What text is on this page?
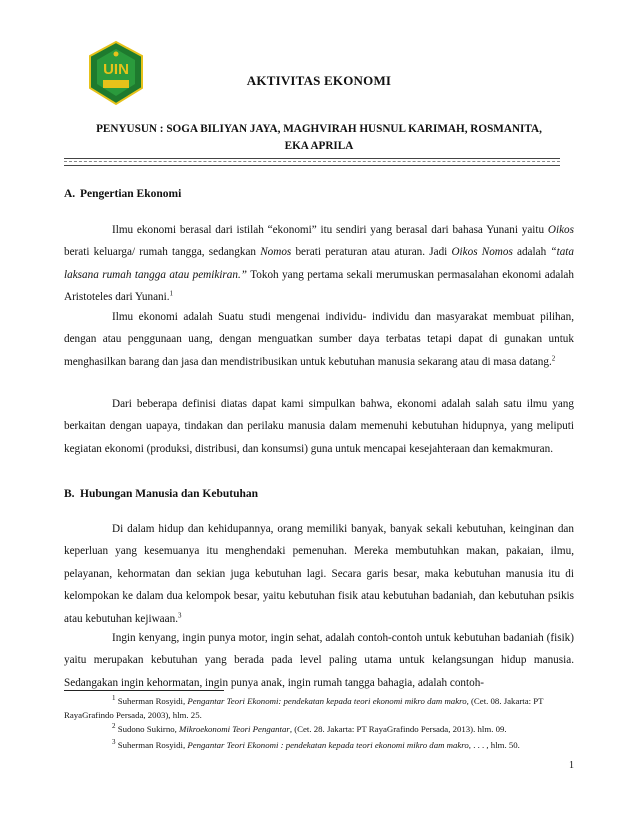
UIN
AKTIVITAS EKONOMI
PENYUSUN : SOGA BILIYAN JAYA, MAGHVIRAH HUSNUL KARIMAH, ROSMANITA,
EKA APRILA
A. Pengertian Ekonomi

Ilmu ekonomi berasal dari istilah “ekonomi” itu sendiri yang berasal dari bahasa Yunani yaitu Oikos berati keluarga/ rumah tangga, sedangkan Nomos berati peraturan atau aturan. Jadi Oikos Nomos adalah “tata laksana rumah tangga atau pemikiran.” Tokoh yang pertama sekali merumuskan permasalahan ekonomi adalah Aristoteles dari Yunani.$^1$

Ilmu ekonomi adalah Suatu studi mengenai individu- individu dan masyarakat membuat pilihan, dengan atau penggunaan uang, dengan menguatkan sumber daya terbatas tetapi dapat di gunakan untuk menghasilkan barang dan jasa dan mendistribusikan untuk kebutuhan manusia sekarang atau di masa datang.$^2$

Dari beberapa definisi diatas dapat kami simpulkan bahwa, ekonomi adalah salah satu ilmu yang berkaitan dengan uapaya, tindakan dan perilaku manusia dalam memenuhi kebutuhan hidupnya, yang meliputi kegiatan ekonomi (produksi, distribusi, dan konsumsi) guna untuk mencapai kesejahteraan dan kemakmuran.

B. Hubungan Manusia dan Kebutuhan

Di dalam hidup dan kehidupannya, orang memiliki banyak, banyak sekali kebutuhan, keinginan dan keperluan yang kesemuanya itu menghendaki pemenuhan. Mereka membutuhkan makan, pakaian, ilmu, pelayanan, kehormatan dan sekian juga kebutuhan lagi. Secara garis besar, maka kebutuhan manusia itu di kelompokan ke dalam dua kelompok besar, yaitu kebutuhan fisik atau kebutuhan badaniah, dan kebutuhan psikis atau kebutuhan kejiwaan.$^3$

Ingin kenyang, ingin punya motor, ingin sehat, adalah contoh-contoh untuk kebutuhan badaniah (fisik) yaitu merupakan kebutuhan yang berada pada level paling utama untuk kelangsungan hidup manusia. Sedangakan ingin kehormatan, ingin punya anak, ingin rumah tangga bahagia, adalah contoh-

$^1$ Suherman Rosyidi, Pengantar Teori Ekonomi: pendekatan kepada teori ekonomi mikro dam makro, (Cet. 08. Jakarta: PT RayaGrafindo Persada, 2003), hlm. 25.
$^2$ Sudono Sukirno, Mikroekonomi Teori Pengantar, (Cet. 28. Jakarta: PT RayaGrafindo Persada, 2013). hlm. 09.
$^3$ Suherman Rosyidi, Pengantar Teori Ekonomi : pendekatan kepada teori ekonomi mikro dam makro, . . . , hlm. 50.
1
